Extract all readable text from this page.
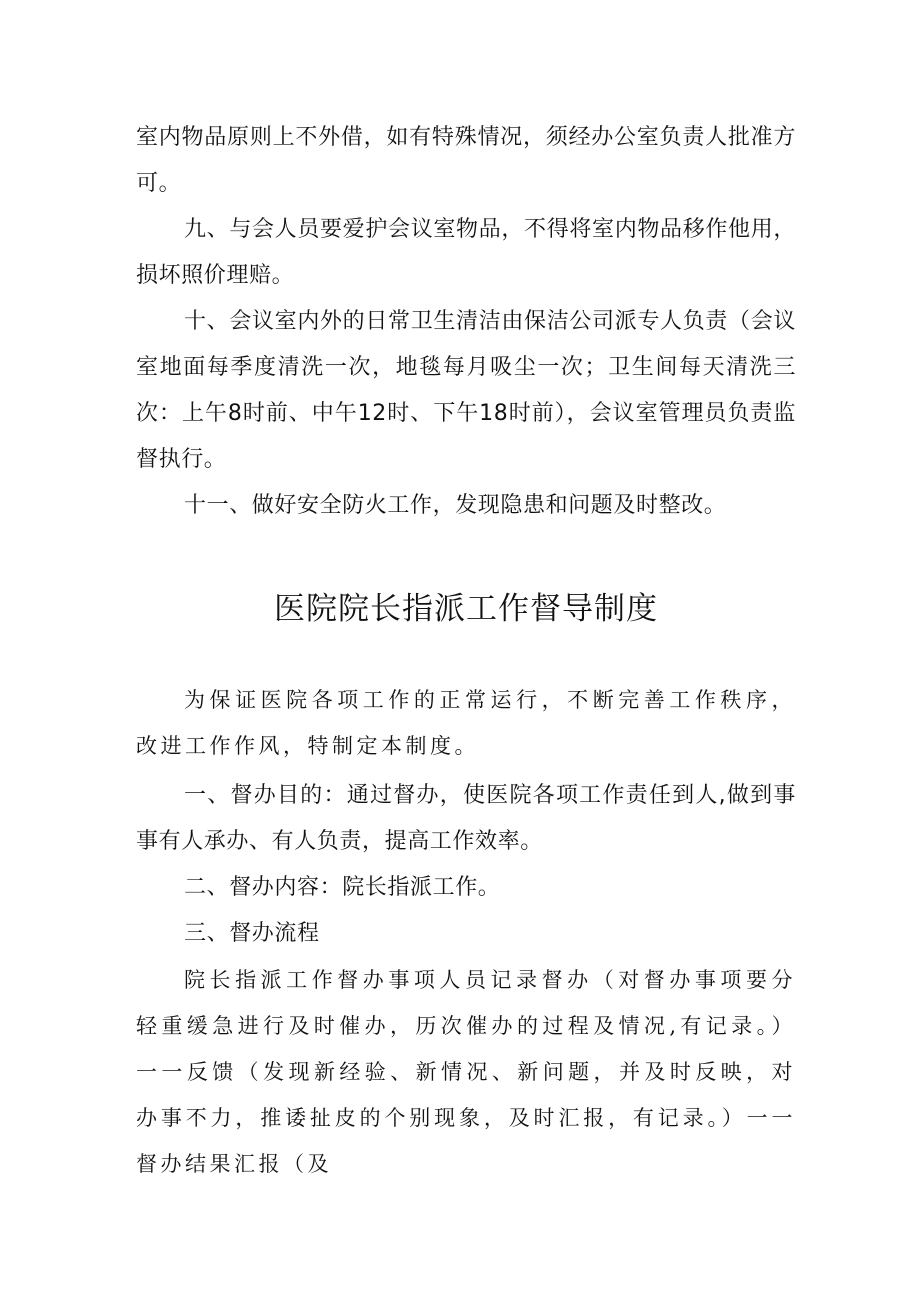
室内物品原则上不外借，如有特殊情况，须经办公室负责人批准方可。

九、与会人员要爱护会议室物品，不得将室内物品移作他用，损坏照价理赔。

十、会议室内外的日常卫生清洁由保洁公司派专人负责（会议室地面每季度清洗一次，地毯每月吸尘一次；卫生间每天清洗三次：上午8时前、中午12时、下午18时前），会议室管理员负责监督执行。

十一、做好安全防火工作，发现隐患和问题及时整改。

医院院长指派工作督导制度

为保证医院各项工作的正常运行，不断完善工作秩序，改进工作作风，特制定本制度。

一、督办目的：通过督办，使医院各项工作责任到人,做到事事有人承办、有人负责，提高工作效率。

二、督办内容：院长指派工作。

三、督办流程

院长指派工作督办事项人员记录督办（对督办事项要分轻重缓急进行及时催办，历次催办的过程及情况,有记录。）一一反馈（发现新经验、新情况、新问题，并及时反映，对办事不力，推诿扯皮的个别现象，及时汇报，有记录。）一一督办结果汇报（及
